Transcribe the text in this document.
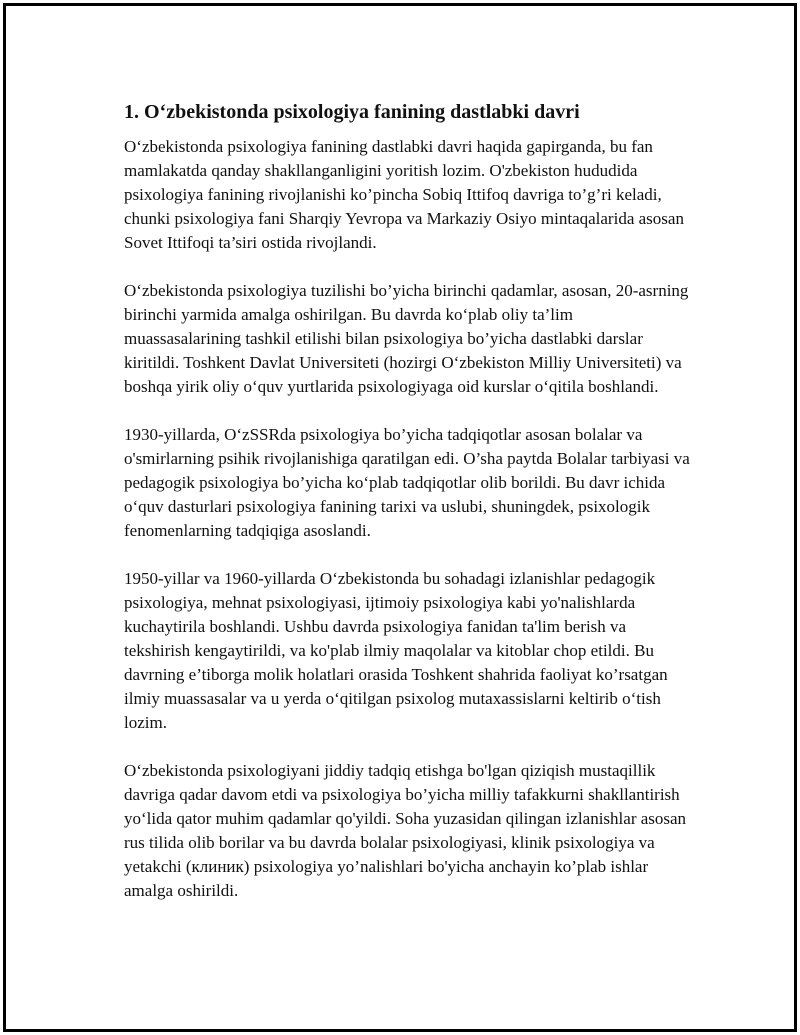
1. O‘zbekistonda psixologiya fanining dastlabki davri

O‘zbekistonda psixologiya fanining dastlabki davri haqida gapirganda, bu fan mamlakatda qanday shakllanganligini yoritish lozim. O'zbekiston hududida psixologiya fanining rivojlanishi ko’pincha Sobiq Ittifoq davriga to’g’ri keladi, chunki psixologiya fani Sharqiy Yevropa va Markaziy Osiyo mintaqalarida asosan Sovet Ittifoqi ta’siri ostida rivojlandi.

O‘zbekistonda psixologiya tuzilishi bo’yicha birinchi qadamlar, asosan, 20-asrning birinchi yarmida amalga oshirilgan. Bu davrda ko‘plab oliy ta’lim muassasalarining tashkil etilishi bilan psixologiya bo’yicha dastlabki darslar kiritildi. Toshkent Davlat Universiteti (hozirgi O‘zbekiston Milliy Universiteti) va boshqa yirik oliy o‘quv yurtlarida psixologiyaga oid kurslar o‘qitila boshlandi.

1930-yillarda, O‘zSSRda psixologiya bo’yicha tadqiqotlar asosan bolalar va o'smirlarning psihik rivojlanishiga qaratilgan edi. O’sha paytda Bolalar tarbiyasi va pedagogik psixologiya bo’yicha ko‘plab tadqiqotlar olib borildi. Bu davr ichida o‘quv dasturlari psixologiya fanining tarixi va uslubi, shuningdek, psixologik fenomenlarning tadqiqiga asoslandi.

1950-yillar va 1960-yillarda O‘zbekistonda bu sohadagi izlanishlar pedagogik psixologiya, mehnat psixologiyasi, ijtimoiy psixologiya kabi yo'nalishlarda kuchaytirila boshlandi. Ushbu davrda psixologiya fanidan ta'lim berish va tekshirish kengaytirildi, va ko'plab ilmiy maqolalar va kitoblar chop etildi. Bu davrning e’tiborga molik holatlari orasida Toshkent shahrida faoliyat ko’rsatgan ilmiy muassasalar va u yerda o‘qitilgan psixolog mutaxassislarni keltirib o‘tish lozim.

O‘zbekistonda psixologiyani jiddiy tadqiq etishga bo'lgan qiziqish mustaqillik davriga qadar davom etdi va psixologiya bo’yicha milliy tafakkurni shakllantirish yo‘lida qator muhim qadamlar qo'yildi. Soha yuzasidan qilingan izlanishlar asosan rus tilida olib borilar va bu davrda bolalar psixologiyasi, klinik psixologiya va yetakchi (клиник) psixologiya yo’nalishlari bo'yicha anchayin ko’plab ishlar amalga oshirildi.
